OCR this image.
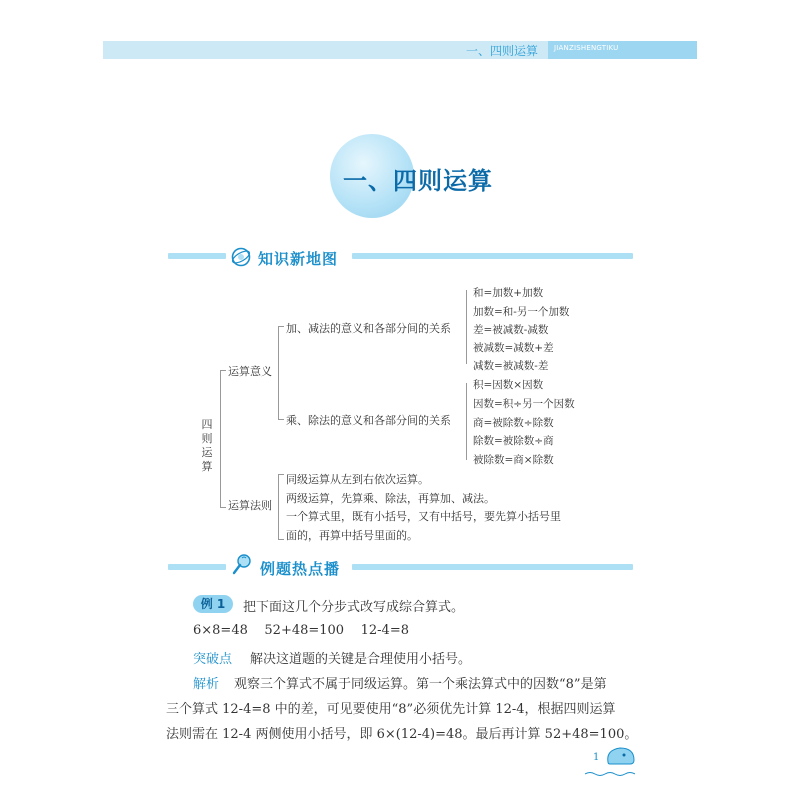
一、四则运算 JIANZISHENGTIKU
一、四则运算
知识新地图
四
则
运
算
运算意义
加、减法的意义和各部分间的关系
乘、除法的意义和各部分间的关系
和=加数+加数
加数=和-另一个加数
差=被减数-减数
被减数=减数+差
减数=被减数-差
积=因数×因数
因数=积÷另一个因数
商=被除数÷除数
除数=被除数÷商
被除数=商×除数
运算法则
同级运算从左到右依次运算。
两级运算，先算乘、除法，再算加、减法。
一个算式里，既有小括号，又有中括号，要先算小括号里
面的，再算中括号里面的。
例题热点播
例 1	把下面这几个分步式改写成综合算式。
6×8=48    52+48=100    12-4=8
突破点 解决这道题的关键是合理使用小括号。
解析 观察三个算式不属于同级运算。第一个乘法算式中的因数“8”是第
三个算式 12-4=8 中的差，可见要使用“8”必须优先计算 12-4，根据四则运算
法则需在 12-4 两侧使用小括号，即 6×(12-4)=48。最后再计算 52+48=100。
1
